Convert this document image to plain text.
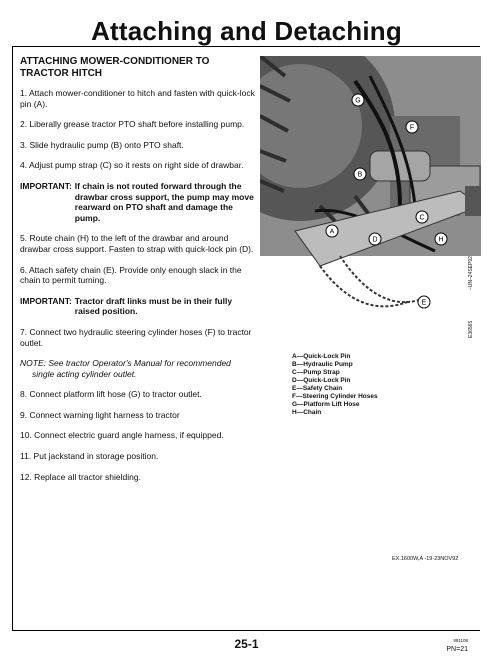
Attaching and Detaching
ATTACHING MOWER-CONDITIONER TO TRACTOR HITCH
1. Attach mower-conditioner to hitch and fasten with quick-lock pin (A).
2. Liberally grease tractor PTO shaft before installing pump.
3. Slide hydraulic pump (B) onto PTO shaft.
4. Adjust pump strap (C) so it rests on right side of drawbar.
IMPORTANT: If chain is not routed forward through the drawbar cross support, the pump may move rearward on PTO shaft and damage the pump.
5. Route chain (H) to the left of the drawbar and around drawbar cross support. Fasten to strap with quick-lock pin (D).
6. Attach safety chain (E). Provide only enough slack in the chain to permit turning.
IMPORTANT: Tractor draft links must be in their fully raised position.
7. Connect two hydraulic steering cylinder hoses (F) to tractor outlet.
NOTE: See tractor Operator's Manual for recommended
single acting cylinder outlet.
8. Connect platform lift hose (G) to tractor outlet.
9. Connect warning light harness to tractor
10. Connect electric guard angle harness, if equipped.
11. Put jackstand in storage position.
12. Replace all tractor shielding.
G
F
B
A
D
C
H
E
–UN–24SEP92
E36565
A—Quick-Lock Pin
B—Hydraulic Pump
C—Pump Strap
D—Quick-Lock Pin
E—Safety Chain
F—Steering Cylinder Hoses
G—Platform Lift Hose
H—Chain
EX.1600W,A -19-23NOV92
25-1	891108
PN=21
